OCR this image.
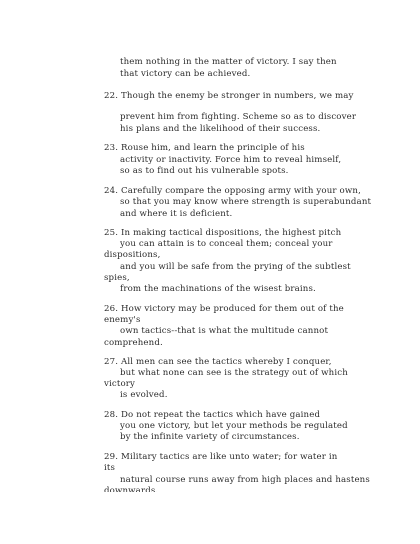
them nothing in the matter of victory. I say then
that victory can be achieved.
22. Though the enemy be stronger in numbers, we may
prevent him from fighting. Scheme so as to discover
his plans and the likelihood of their success.
23. Rouse him, and learn the principle of his
activity or inactivity. Force him to reveal himself,
so as to find out his vulnerable spots.
24. Carefully compare the opposing army with your own,
so that you may know where strength is superabundant
and where it is deficient.
25. In making tactical dispositions, the highest pitch
you can attain is to conceal them; conceal your
dispositions,
and you will be safe from the prying of the subtlest
spies,
from the machinations of the wisest brains.
26. How victory may be produced for them out of the
enemy's
own tactics--that is what the multitude cannot
comprehend.
27. All men can see the tactics whereby I conquer,
but what none can see is the strategy out of which
victory
is evolved.
28. Do not repeat the tactics which have gained
you one victory, but let your methods be regulated
by the infinite variety of circumstances.
29. Military tactics are like unto water; for water in
its
natural course runs away from high places and hastens
downwards.
